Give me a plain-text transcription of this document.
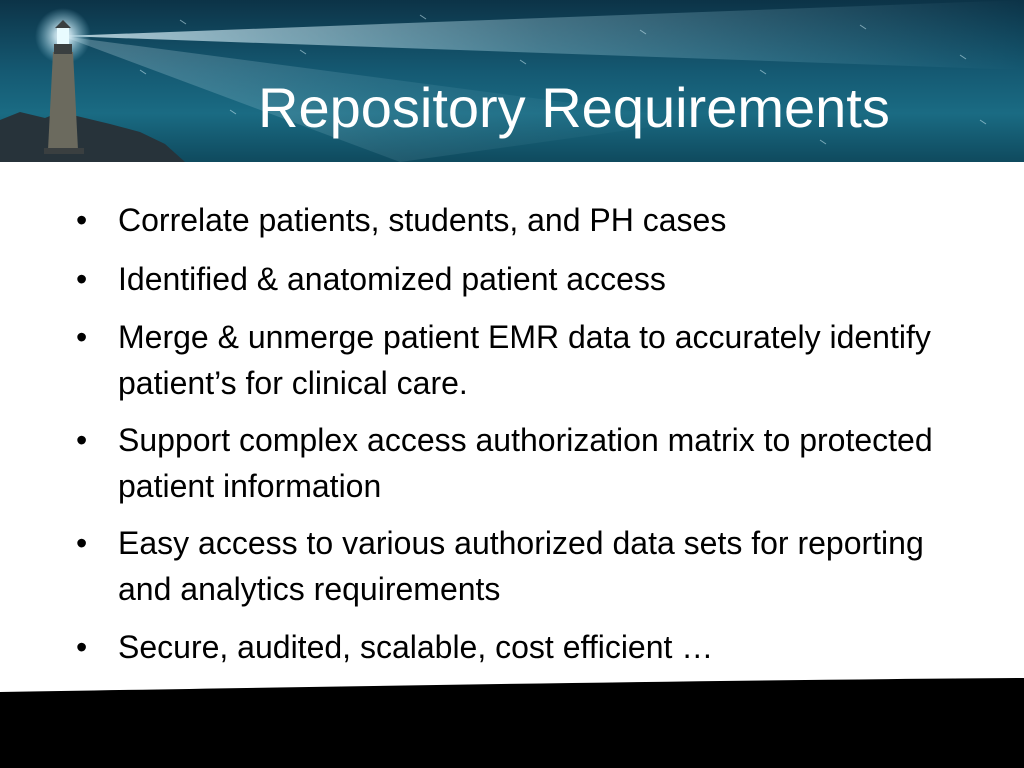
Repository Requirements
• Correlate patients, students, and PH cases
• Identified & anatomized patient access
• Merge & unmerge patient EMR data to accurately identify patient’s for clinical care.
• Support complex access authorization matrix to protected patient information
• Easy access to various authorized data sets for reporting and analytics requirements
• Secure, audited, scalable, cost efficient …
